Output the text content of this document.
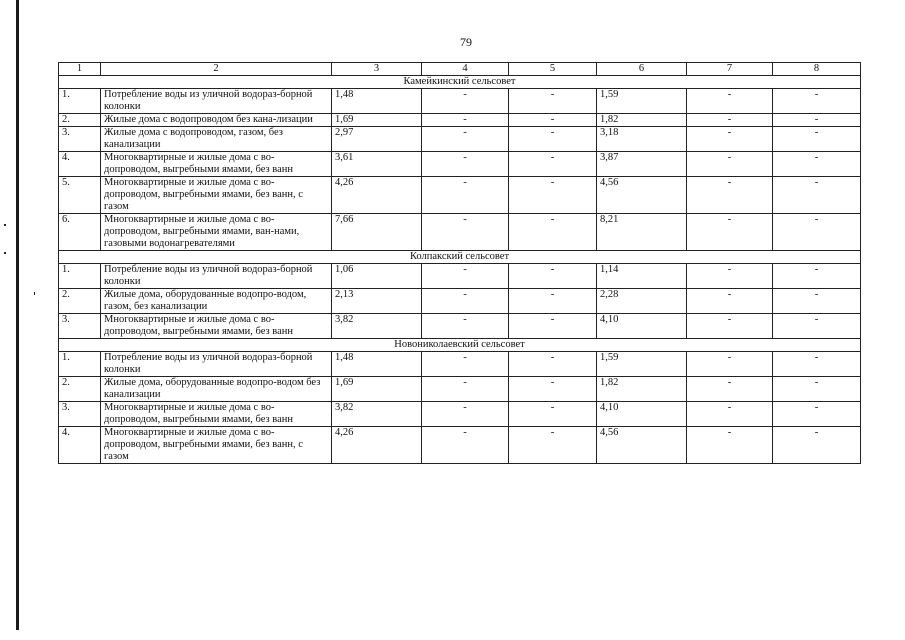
79
1	2	3	4	5	6	7	8
Камейкинский сельсовет							
1.	Потребление воды из уличной водораз-борной колонки	1,48	-	-	1,59	-	-
2.	Жилые дома с водопроводом без кана-лизации	1,69	-	-	1,82	-	-
3.	Жилые дома с водопроводом, газом, без канализации	2,97	-	-	3,18	-	-
4.	Многоквартирные и жилые дома с во-допроводом, выгребными ямами, без ванн	3,61	-	-	3,87	-	-
5.	Многоквартирные и жилые дома с во-допроводом, выгребными ямами, без ванн, с газом	4,26	-	-	4,56	-	-
6.	Многоквартирные и жилые дома с во-допроводом, выгребными ямами, ван-нами, газовыми водонагревателями	7,66	-	-	8,21	-	-
Колпакский сельсовет							
1.	Потребление воды из уличной водораз-борной колонки	1,06	-	-	1,14	-	-
2.	Жилые дома, оборудованные водопро-водом, газом, без канализации	2,13	-	-	2,28	-	-
3.	Многоквартирные и жилые дома с во-допроводом, выгребными ямами, без ванн	3,82	-	-	4,10	-	-
Новониколаевский сельсовет							
1.	Потребление воды из уличной водораз-борной колонки	1,48	-	-	1,59	-	-
2.	Жилые дома, оборудованные водопро-водом без канализации	1,69	-	-	1,82	-	-
3.	Многоквартирные и жилые дома с во-допроводом, выгребными ямами, без ванн	3,82	-	-	4,10	-	-
4.	Многоквартирные и жилые дома с во-допроводом, выгребными ямами, без ванн, с газом	4,26	-	-	4,56	-	-
